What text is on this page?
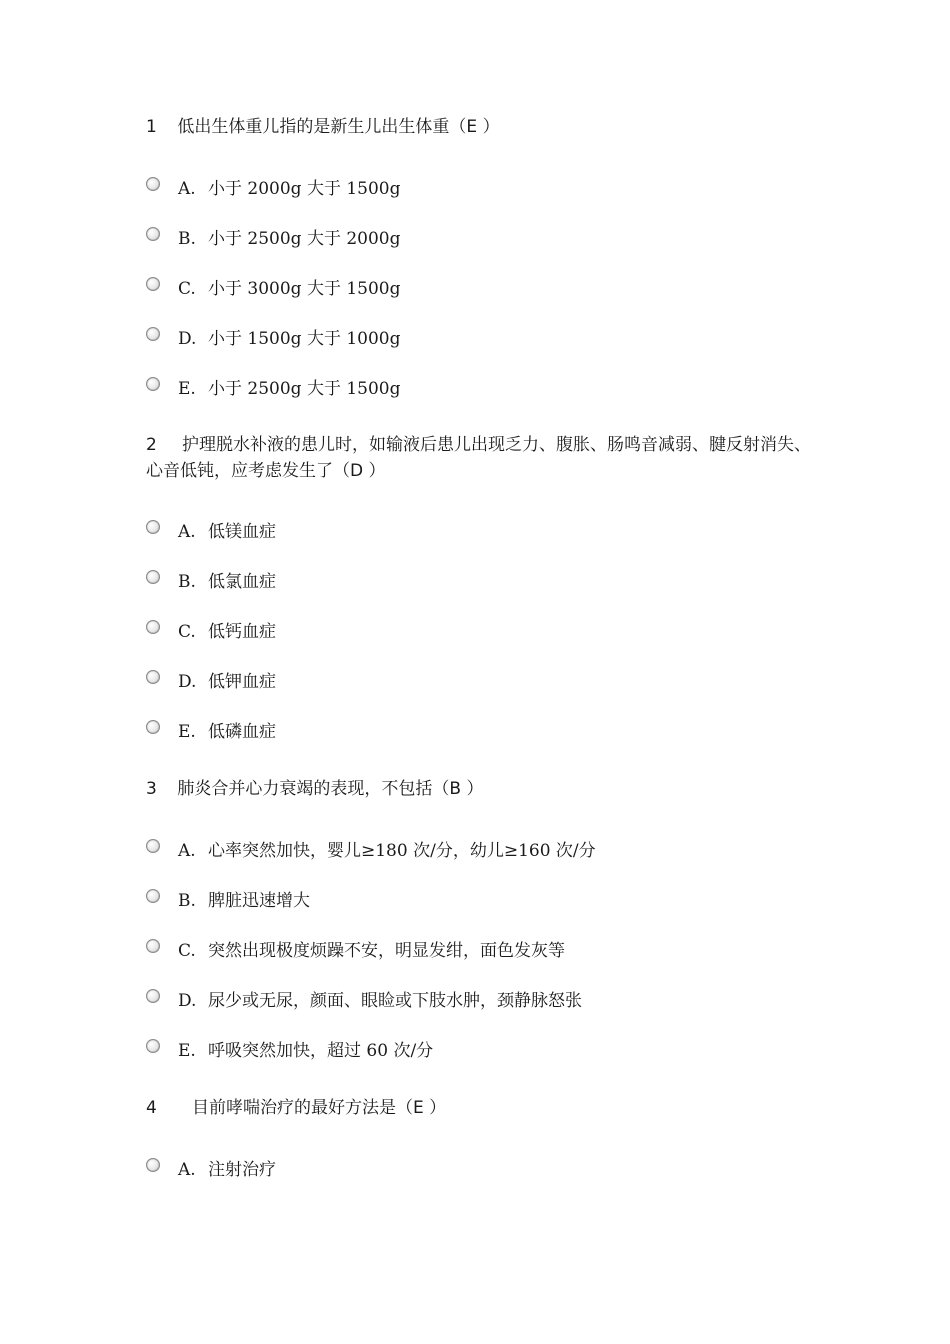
1 低出生体重儿指的是新生儿出生体重（E ）
A. 小于 2000g 大于 1500g
B. 小于 2500g 大于 2000g
C. 小于 3000g 大于 1500g
D. 小于 1500g 大于 1000g
E. 小于 2500g 大于 1500g
2 护理脱水补液的患儿时，如输液后患儿出现乏力、腹胀、肠鸣音减弱、腱反射消失、心音低钝，应考虑发生了（D ）
A. 低镁血症
B. 低氯血症
C. 低钙血症
D. 低钾血症
E. 低磷血症
3 肺炎合并心力衰竭的表现，不包括（B ）
A. 心率突然加快，婴儿≥180 次/分，幼儿≥160 次/分
B. 脾脏迅速增大
C. 突然出现极度烦躁不安，明显发绀，面色发灰等
D. 尿少或无尿，颜面、眼睑或下肢水肿，颈静脉怒张
E. 呼吸突然加快，超过 60 次/分
4 目前哮喘治疗的最好方法是（E ）
A. 注射治疗
